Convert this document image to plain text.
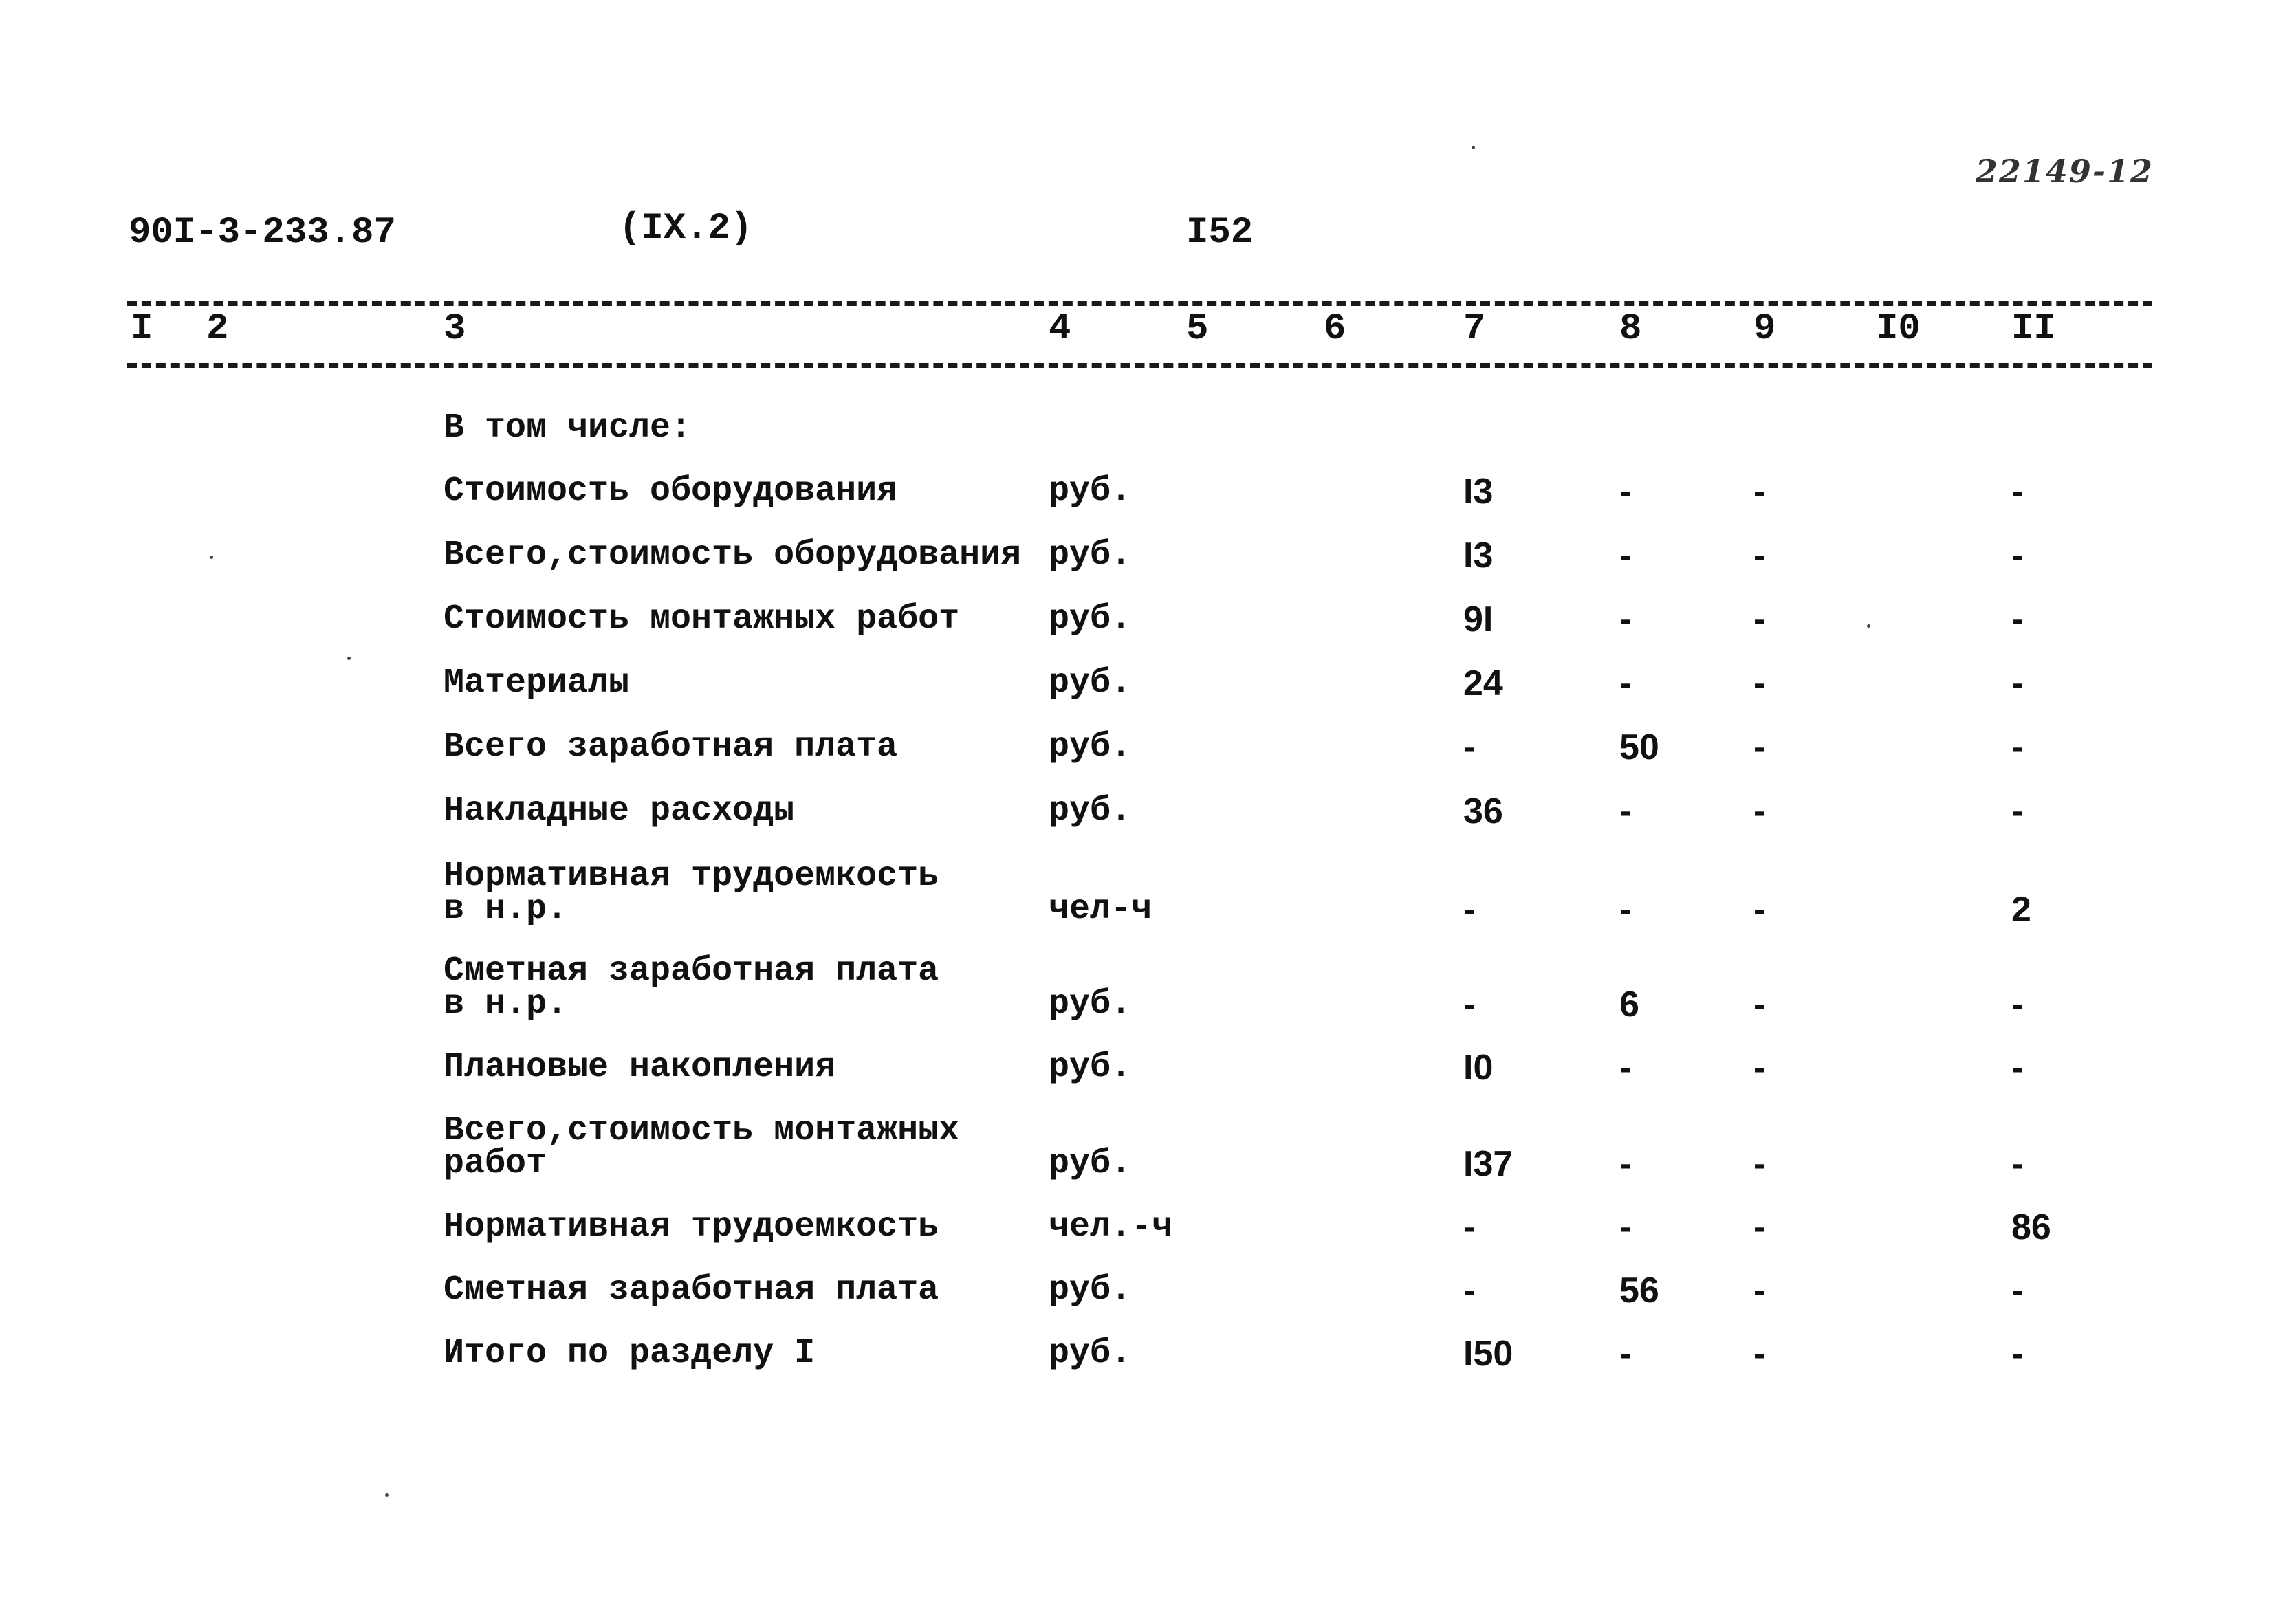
90I-3-233.87	(IX.2)	I52
22149-12
I 2	3	4	5	6	7	8	9	I0 II
В том числе:
Стоимость оборудования	руб.	I3	-	-	-
Всего,стоимость оборудования руб.	I3	-	-	-
Стоимость монтажных работ	руб.	9I	-	-	-
Материалы	руб.	24	-	-	-
Всего заработная плата	руб.	-	50	-	-
Накладные расходы	руб.	36	-	-	-
Нормативная трудоемкость
в н.р.	чел-ч	-	-	-	2
Сметная заработная плата
в н.р.	руб.	-	6	-	-
Плановые накопления	руб.	I0	-	-	-
Всего,стоимость монтажных
работ	руб.	I37	-	-	-
Нормативная трудоемкость	чел.-ч	-	-	-	86
Сметная заработная плата	руб.	-	56	-	-
Итого по разделу I	руб.	I50	-	-	-
